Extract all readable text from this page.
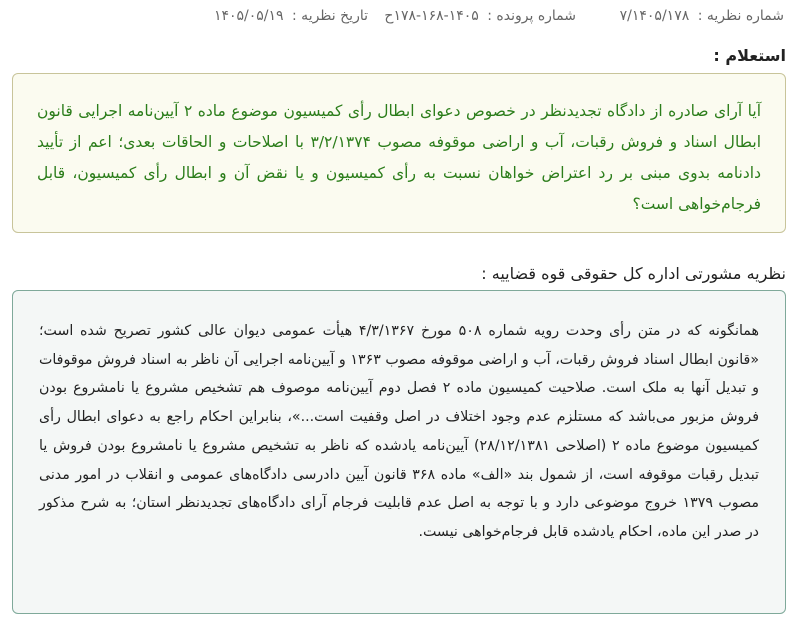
شماره نظریه : ۷/۱۴۰۵/۱۷۸
شماره پرونده : ۱۴۰۵-۱۶۸-۱۷۸ح
تاریخ نظریه : ۱۴۰۵/۰۵/۱۹
استعلام :
آیا آرای صادره از دادگاه تجدیدنظر در خصوص دعوای ابطال رأی کمیسیون موضوع ماده ۲ آیین‌نامه اجرایی قانون ابطال اسناد و فروش رقبات، آب و اراضی موقوفه مصوب ۳/۲/۱۳۷۴ با اصلاحات و الحاقات بعدی؛ اعم از تأیید دادنامه بدوی مبنی بر رد اعتراض خواهان نسبت به رأی کمیسیون و یا نقض آن و ابطال رأی کمیسیون، قابل فرجام‌خواهی است؟
نظریه مشورتی اداره کل حقوقی قوه قضاییه :
همانگونه که در متن رأی وحدت رویه شماره ۵۰۸ مورخ ۴/۳/۱۳۶۷ هیأت عمومی دیوان عالی کشور تصریح شده است؛ «قانون ابطال اسناد فروش رقبات، آب و اراضی موقوفه مصوب ۱۳۶۳ و آیین‌نامه اجرایی آن ناظر به اسناد فروش موقوفات و تبدیل آنها به ملک است. صلاحیت کمیسیون ماده ۲ فصل دوم آیین‌نامه موصوف هم تشخیص مشروع یا نامشروع بودن فروش مزبور می‌باشد که مستلزم عدم وجود اختلاف در اصل وقفیت است...»، بنابراین احکام راجع به دعوای ابطال رأی کمیسیون موضوع ماده ۲ (اصلاحی ۲۸/۱۲/۱۳۸۱) آیین‌نامه یادشده که ناظر به تشخیص مشروع یا نامشروع بودن فروش یا تبدیل رقبات موقوفه است، از شمول بند «الف» ماده ۳۶۸ قانون آیین دادرسی دادگاه‌های عمومی و انقلاب در امور مدنی مصوب ۱۳۷۹ خروج موضوعی دارد و با توجه به اصل عدم قابلیت فرجام آرای دادگاه‌های تجدیدنظر استان؛ به شرح مذکور در صدر این ماده، احکام یادشده قابل فرجام‌خواهی نیست.
